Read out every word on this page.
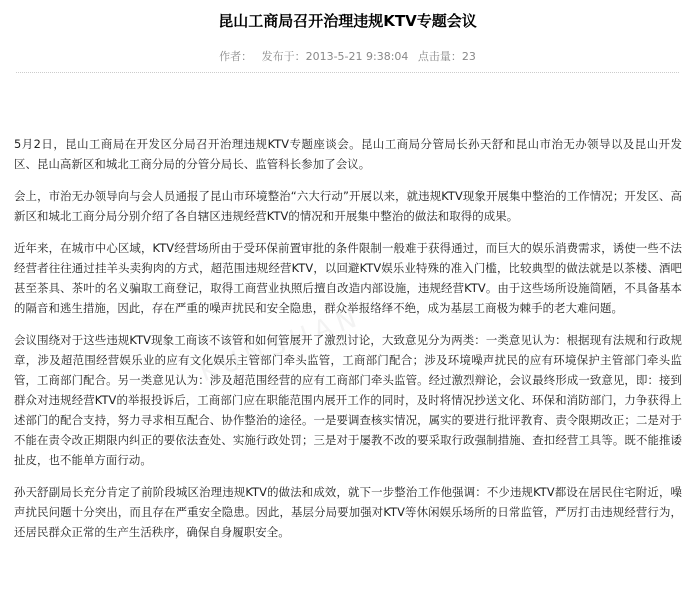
昆山工商局召开治理违规KTV专题会议
作者： 发布于：2013-5-21 9:38:04 点击量：23
KUNSHAN

5月2日，昆山工商局在开发区分局召开治理违规KTV专题座谈会。昆山工商局分管局长孙天舒和昆山市治无办领导以及昆山开发区、昆山高新区和城北工商分局的分管分局长、监管科长参加了会议。

会上，市治无办领导向与会人员通报了昆山市环境整治“六大行动”开展以来，就违规KTV现象开展集中整治的工作情况；开发区、高新区和城北工商分局分别介绍了各自辖区违规经营KTV的情况和开展集中整治的做法和取得的成果。

近年来，在城市中心区域，KTV经营场所由于受环保前置审批的条件限制一般难于获得通过，而巨大的娱乐消费需求，诱使一些不法经营者往往通过挂羊头卖狗肉的方式，超范围违规经营KTV，以回避KTV娱乐业特殊的准入门槛，比较典型的做法就是以茶楼、酒吧甚至茶具、茶叶的名义骗取工商登记，取得工商营业执照后擅自改造内部设施，违规经营KTV。由于这些场所设施简陋，不具备基本的隔音和逃生措施，因此，存在严重的噪声扰民和安全隐患，群众举报络绎不绝，成为基层工商极为棘手的老大难问题。

会议围绕对于这些违规KTV现象工商该不该管和如何管展开了激烈讨论，大致意见分为两类：一类意见认为：根据现有法规和行政规章，涉及超范围经营娱乐业的应有文化娱乐主管部门牵头监管，工商部门配合；涉及环境噪声扰民的应有环境保护主管部门牵头监管，工商部门配合。另一类意见认为：涉及超范围经营的应有工商部门牵头监管。经过激烈辩论，会议最终形成一致意见，即：接到群众对违规经营KTV的举报投诉后，工商部门应在职能范围内展开工作的同时，及时将情况抄送文化、环保和消防部门，力争获得上述部门的配合支持，努力寻求相互配合、协作整治的途径。一是要调查核实情况，属实的要进行批评教育、责令限期改正；二是对于不能在责令改正期限内纠正的要依法查处、实施行政处罚；三是对于屡教不改的要采取行政强制措施、查扣经营工具等。既不能推诿扯皮，也不能单方面行动。

孙天舒副局长充分肯定了前阶段城区治理违规KTV的做法和成效，就下一步整治工作他强调：不少违规KTV都设在居民住宅附近，噪声扰民问题十分突出，而且存在严重安全隐患。因此，基层分局要加强对KTV等休闲娱乐场所的日常监管，严厉打击违规经营行为，还居民群众正常的生产生活秩序，确保自身履职安全。
